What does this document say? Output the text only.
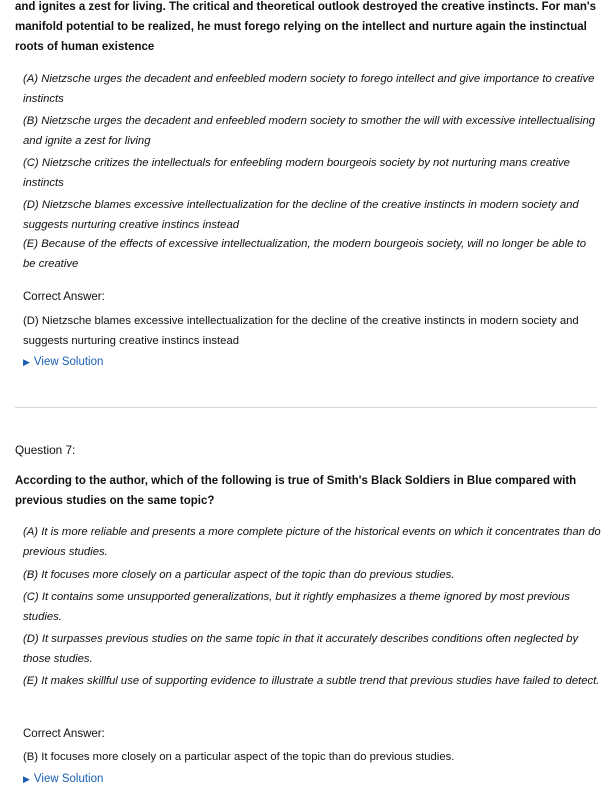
and ignites a zest for living. The critical and theoretical outlook destroyed the creative instincts. For man's manifold potential to be realized, he must forego relying on the intellect and nurture again the instinctual roots of human existence

(A) Nietzsche urges the decadent and enfeebled modern society to forego intellect and give importance to creative instincts

(B) Nietzsche urges the decadent and enfeebled modern society to smother the will with excessive intellectualising and ignite a zest for living

(C) Nietzsche critizes the intellectuals for enfeebling modern bourgeois society by not nurturing mans creative instincts

(D) Nietzsche blames excessive intellectualization for the decline of the creative instincts in modern society and suggests nurturing creative instincs instead

(E) Because of the effects of excessive intellectualization, the modern bourgeois society, will no longer be able to be creative

Correct Answer:

(D) Nietzsche blames excessive intellectualization for the decline of the creative instincts in modern society and suggests nurturing creative instincs instead

▶ View Solution

Question 7:

According to the author, which of the following is true of Smith's Black Soldiers in Blue compared with previous studies on the same topic?

(A) It is more reliable and presents a more complete picture of the historical events on which it concentrates than do previous studies.

(B) It focuses more closely on a particular aspect of the topic than do previous studies.

(C) It contains some unsupported generalizations, but it rightly emphasizes a theme ignored by most previous studies.

(D) It surpasses previous studies on the same topic in that it accurately describes conditions often neglected by those studies.

(E) It makes skillful use of supporting evidence to illustrate a subtle trend that previous studies have failed to detect.

Correct Answer:

(B) It focuses more closely on a particular aspect of the topic than do previous studies.

▶ View Solution
